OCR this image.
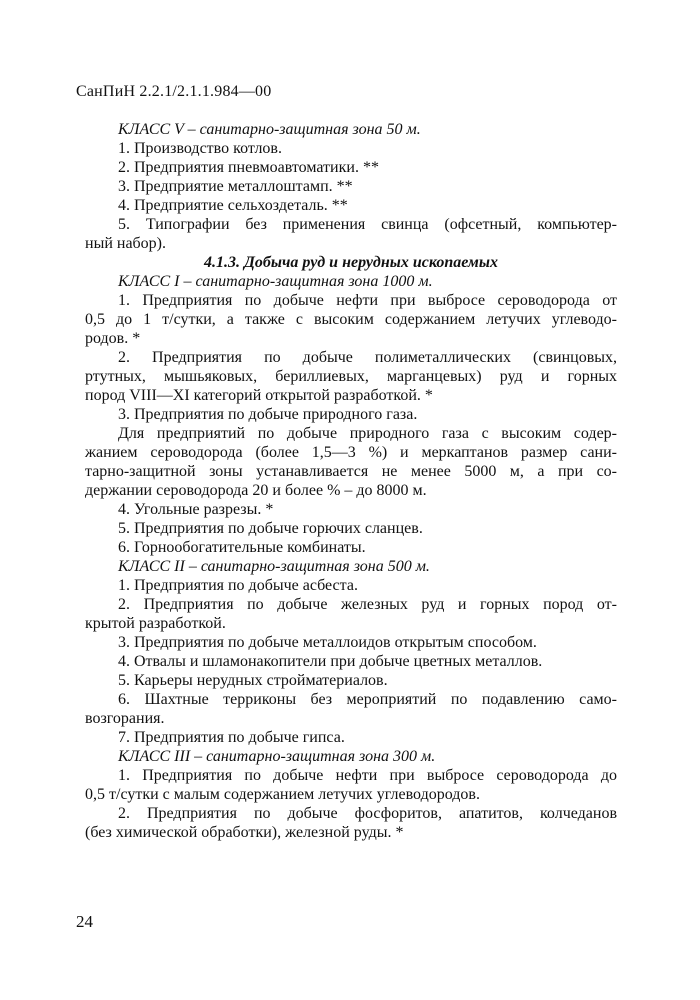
СанПиН 2.2.1/2.1.1.984—00
КЛАСС V – санитарно-защитная зона 50 м.
1. Производство котлов.
2. Предприятия пневмоавтоматики. **
3. Предприятие металлоштамп. **
4. Предприятие сельхоздеталь. **
5. Типографии без применения свинца (офсетный, компьютер-
ный набор).
4.1.3. Добыча руд и нерудных ископаемых
КЛАСС I – санитарно-защитная зона 1000 м.
1. Предприятия по добыче нефти при выбросе сероводорода от
0,5 до 1 т/сутки, а также с высоким содержанием летучих углеводо-
родов. *
2. Предприятия по добыче полиметаллических (свинцовых,
ртутных, мышьяковых, бериллиевых, марганцевых) руд и горных
пород VIII—XI категорий открытой разработкой. *
3. Предприятия по добыче природного газа.
Для предприятий по добыче природного газа с высоким содер-
жанием сероводорода (более 1,5—3 %) и меркаптанов размер сани-
тарно-защитной зоны устанавливается не менее 5000 м, а при со-
держании сероводорода 20 и более % – до 8000 м.
4. Угольные разрезы. *
5. Предприятия по добыче горючих сланцев.
6. Горнообогатительные комбинаты.
КЛАСС II – санитарно-защитная зона 500 м.
1. Предприятия по добыче асбеста.
2. Предприятия по добыче железных руд и горных пород от-
крытой разработкой.
3. Предприятия по добыче металлоидов открытым способом.
4. Отвалы и шламонакопители при добыче цветных металлов.
5. Карьеры нерудных стройматериалов.
6. Шахтные терриконы без мероприятий по подавлению само-
возгорания.
7. Предприятия по добыче гипса.
КЛАСС III – санитарно-защитная зона 300 м.
1. Предприятия по добыче нефти при выбросе сероводорода до
0,5 т/сутки с малым содержанием летучих углеводородов.
2. Предприятия по добыче фосфоритов, апатитов, колчеданов
(без химической обработки), железной руды. *
24
